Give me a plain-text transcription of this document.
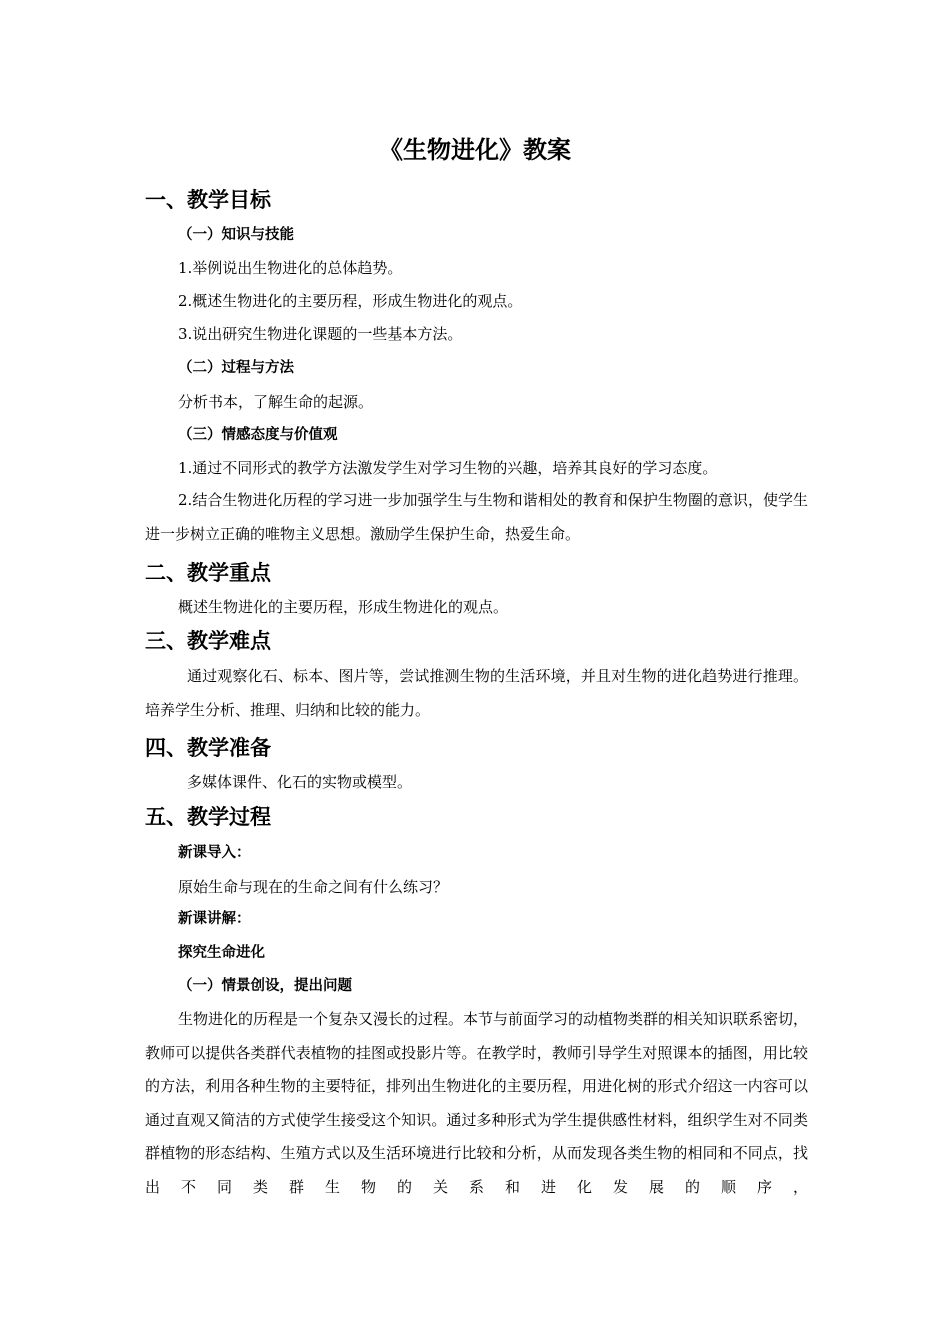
《生物进化》教案
一、教学目标
（一）知识与技能

1.举例说出生物进化的总体趋势。

2.概述生物进化的主要历程，形成生物进化的观点。

3.说出研究生物进化课题的一些基本方法。

（二）过程与方法

分析书本，了解生命的起源。

（三）情感态度与价值观

1.通过不同形式的教学方法激发学生对学习生物的兴趣，培养其良好的学习态度。

2.结合生物进化历程的学习进一步加强学生与生物和谐相处的教育和保护生物圈的意识，使学生进一步树立正确的唯物主义思想。激励学生保护生命，热爱生命。

二、教学重点

概述生物进化的主要历程，形成生物进化的观点。

三、教学难点

通过观察化石、标本、图片等，尝试推测生物的生活环境，并且对生物的进化趋势进行推理。培养学生分析、推理、归纳和比较的能力。

四、教学准备

多媒体课件、化石的实物或模型。

五、教学过程
新课导入：

原始生命与现在的生命之间有什么练习？

新课讲解：
探究生命进化
（一）情景创设，提出问题

生物进化的历程是一个复杂又漫长的过程。本节与前面学习的动植物类群的相关知识联系密切，教师可以提供各类群代表植物的挂图或投影片等。在教学时，教师引导学生对照课本的插图，用比较的方法，利用各种生物的主要特征，排列出生物进化的主要历程，用进化树的形式介绍这一内容可以通过直观又简洁的方式使学生接受这个知识。通过多种形式为学生提供感性材料，组织学生对不同类群植物的形态结构、生殖方式以及生活环境进行比较和分析，从而发现各类生物的相同和不同点，找出不同类群生物的关系和进化发展的顺序，
